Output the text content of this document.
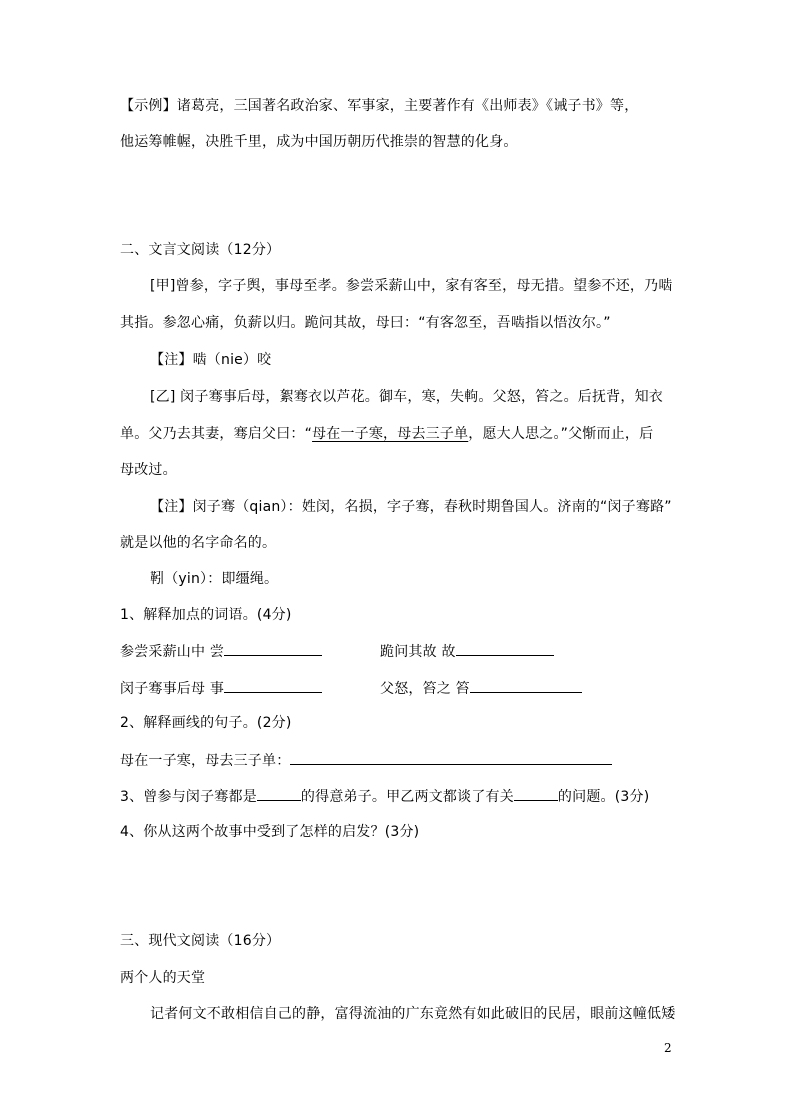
【示例】诸葛亮，三国著名政治家、军事家，主要著作有《出师表》《诫子书》等，
他运筹帷幄，决胜千里，成为中国历朝历代推崇的智慧的化身。
二、文言文阅读（12分）
[甲]曾参，字子舆，事母至孝。参尝采薪山中，家有客至，母无措。望参不还，乃啮
其指。参忽心痛，负薪以归。跪问其故，母曰：“有客忽至，吾啮指以悟汝尔。”
【注】啮（nie）咬
[乙] 闵子骞事后母，絮骞衣以芦花。御车，寒，失軥。父怒，笞之。后抚背，知衣
单。父乃去其妻，骞启父曰：“母在一子寒，母去三子单，愿大人思之。”父惭而止，后
母改过。
【注】闵子骞（qian）：姓闵，名损，字子骞，春秋时期鲁国人。济南的“闵子骞路”
就是以他的名字命名的。
靷（yin）：即缰绳。
1、解释加点的词语。(4分)
参尝采薪山中 尝	跪问其故 故
闵子骞事后母 事	父怒，笞之 笞
2、解释画线的句子。(2分)
母在一子寒，母去三子单：
3、曾参与闵子骞都是	的得意弟子。甲乙两文都谈了有关	的问题。(3分)
4、你从这两个故事中受到了怎样的启发？(3分)
三、现代文阅读（16分）
两个人的天堂
记者何文不敢相信自己的静，富得流油的广东竟然有如此破旧的民居，眼前这幢低矮
2
